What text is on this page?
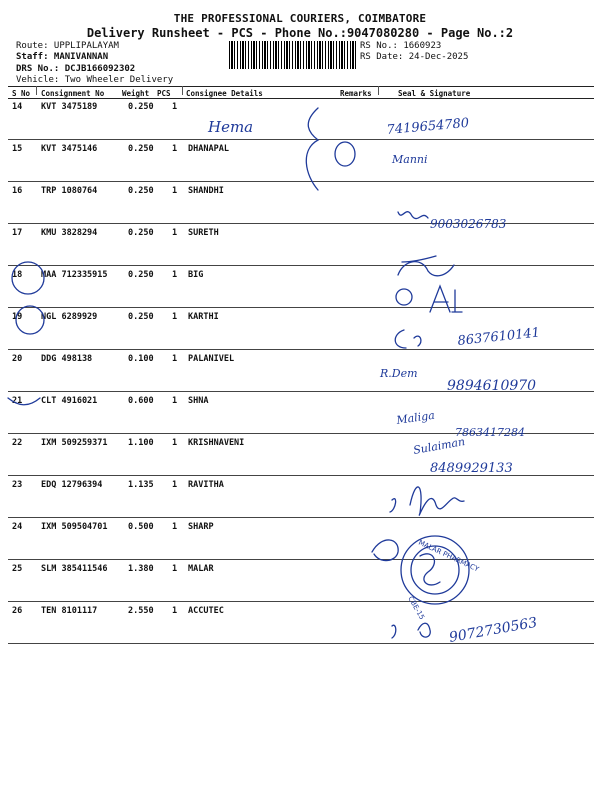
THE PROFESSIONAL COURIERS, COIMBATORE
Delivery Runsheet - PCS - Phone No.:9047080280 - Page No.:2
Route: UPPLIPALAYAM
Staff: MANIVANNAN
DRS No.: DCJB166092302
Vehicle: Two Wheeler Delivery
RS No.: 1660923
RS Date: 24-Dec-2025
S No Consignment No Weight PCS Consignee Details	Remarks	Seal & Signature
14 KVT 3475189	0.250 1
15 KVT 3475146	0.250 1 DHANAPAL
16 TRP 1080764	0.250 1 SHANDHI
17 KMU 3828294	0.250 1 SURETH
18 MAA 712335915 0.250 1 BIG
19 NGL 6289929	0.250 1 KARTHI
20 DDG 498138	0.100 1 PALANIVEL
21 CLT 4916021	0.600 1 SHNA
22 IXM 509259371 1.100 1 KRISHNAVENI
23 EDQ 12796394	1.135 1 RAVITHA
24 IXM 509504701 0.500 1 SHARP
25 SLM 385411546 1.380 1 MALAR
26 TEN 8101117	2.550 1 ACCUTEC
Hema	7419654780
Manni
9003026783
8637610141
R.Dem
9894610970
Maliga
7863417284
Sulaiman
8489929133
MALAR PHARMACY
CBE-15
9072730563
